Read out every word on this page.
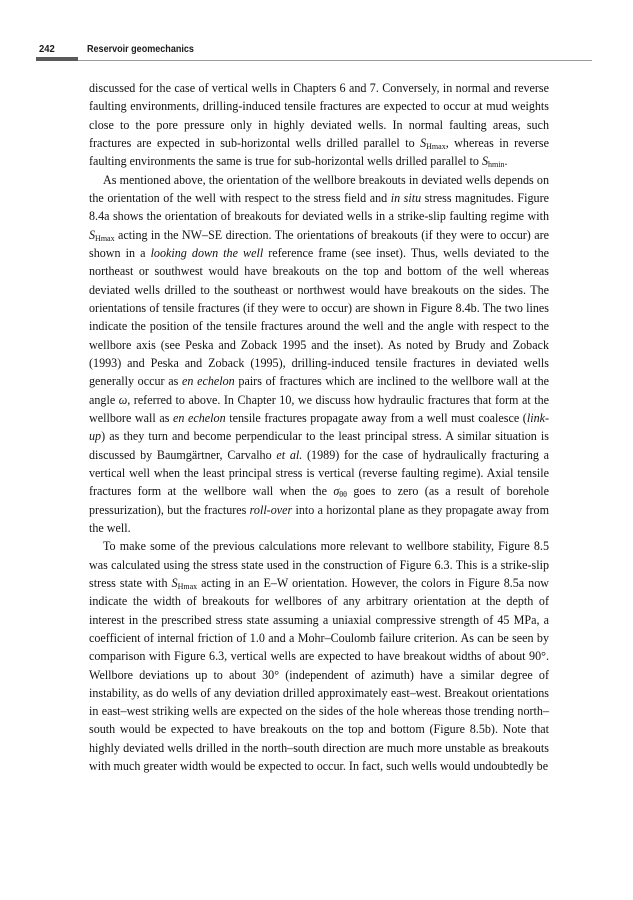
242	Reservoir geomechanics

discussed for the case of vertical wells in Chapters 6 and 7. Conversely, in normal and reverse faulting environments, drilling-induced tensile fractures are expected to occur at mud weights close to the pore pressure only in highly deviated wells. In normal faulting areas, such fractures are expected in sub-horizontal wells drilled parallel to $S_{Hmax}$, whereas in reverse faulting environments the same is true for sub-horizontal wells drilled parallel to $S_{hmin}$.

As mentioned above, the orientation of the wellbore breakouts in deviated wells depends on the orientation of the well with respect to the stress field and in situ stress magnitudes. Figure 8.4a shows the orientation of breakouts for deviated wells in a strike-slip faulting regime with $S_{Hmax}$ acting in the NW–SE direction. The orientations of breakouts (if they were to occur) are shown in a looking down the well reference frame (see inset). Thus, wells deviated to the northeast or southwest would have breakouts on the top and bottom of the well whereas deviated wells drilled to the southeast or northwest would have breakouts on the sides. The orientations of tensile fractures (if they were to occur) are shown in Figure 8.4b. The two lines indicate the position of the tensile fractures around the well and the angle with respect to the wellbore axis (see Peska and Zoback 1995 and the inset). As noted by Brudy and Zoback (1993) and Peska and Zoback (1995), drilling-induced tensile fractures in deviated wells generally occur as en echelon pairs of fractures which are inclined to the wellbore wall at the angle ω, referred to above. In Chapter 10, we discuss how hydraulic fractures that form at the wellbore wall as en echelon tensile fractures propagate away from a well must coalesce (link-up) as they turn and become perpendicular to the least principal stress. A similar situation is discussed by Baumgärtner, Carvalho et al. (1989) for the case of hydraulically fracturing a vertical well when the least principal stress is vertical (reverse faulting regime). Axial tensile fractures form at the wellbore wall when the $\sigma_{\theta\theta}$ goes to zero (as a result of borehole pressurization), but the fractures roll-over into a horizontal plane as they propagate away from the well.

To make some of the previous calculations more relevant to wellbore stability, Figure 8.5 was calculated using the stress state used in the construction of Figure 6.3. This is a strike-slip stress state with $S_{Hmax}$ acting in an E–W orientation. However, the colors in Figure 8.5a now indicate the width of breakouts for wellbores of any arbitrary orientation at the depth of interest in the prescribed stress state assuming a uniaxial compressive strength of 45 MPa, a coefficient of internal friction of 1.0 and a Mohr–Coulomb failure criterion. As can be seen by comparison with Figure 6.3, vertical wells are expected to have breakout widths of about 90°. Wellbore deviations up to about 30° (independent of azimuth) have a similar degree of instability, as do wells of any deviation drilled approximately east–west. Breakout orientations in east–west striking wells are expected on the sides of the hole whereas those trending north–south would be expected to have breakouts on the top and bottom (Figure 8.5b). Note that highly deviated wells drilled in the north–south direction are much more unstable as breakouts with much greater width would be expected to occur. In fact, such wells would undoubtedly be
